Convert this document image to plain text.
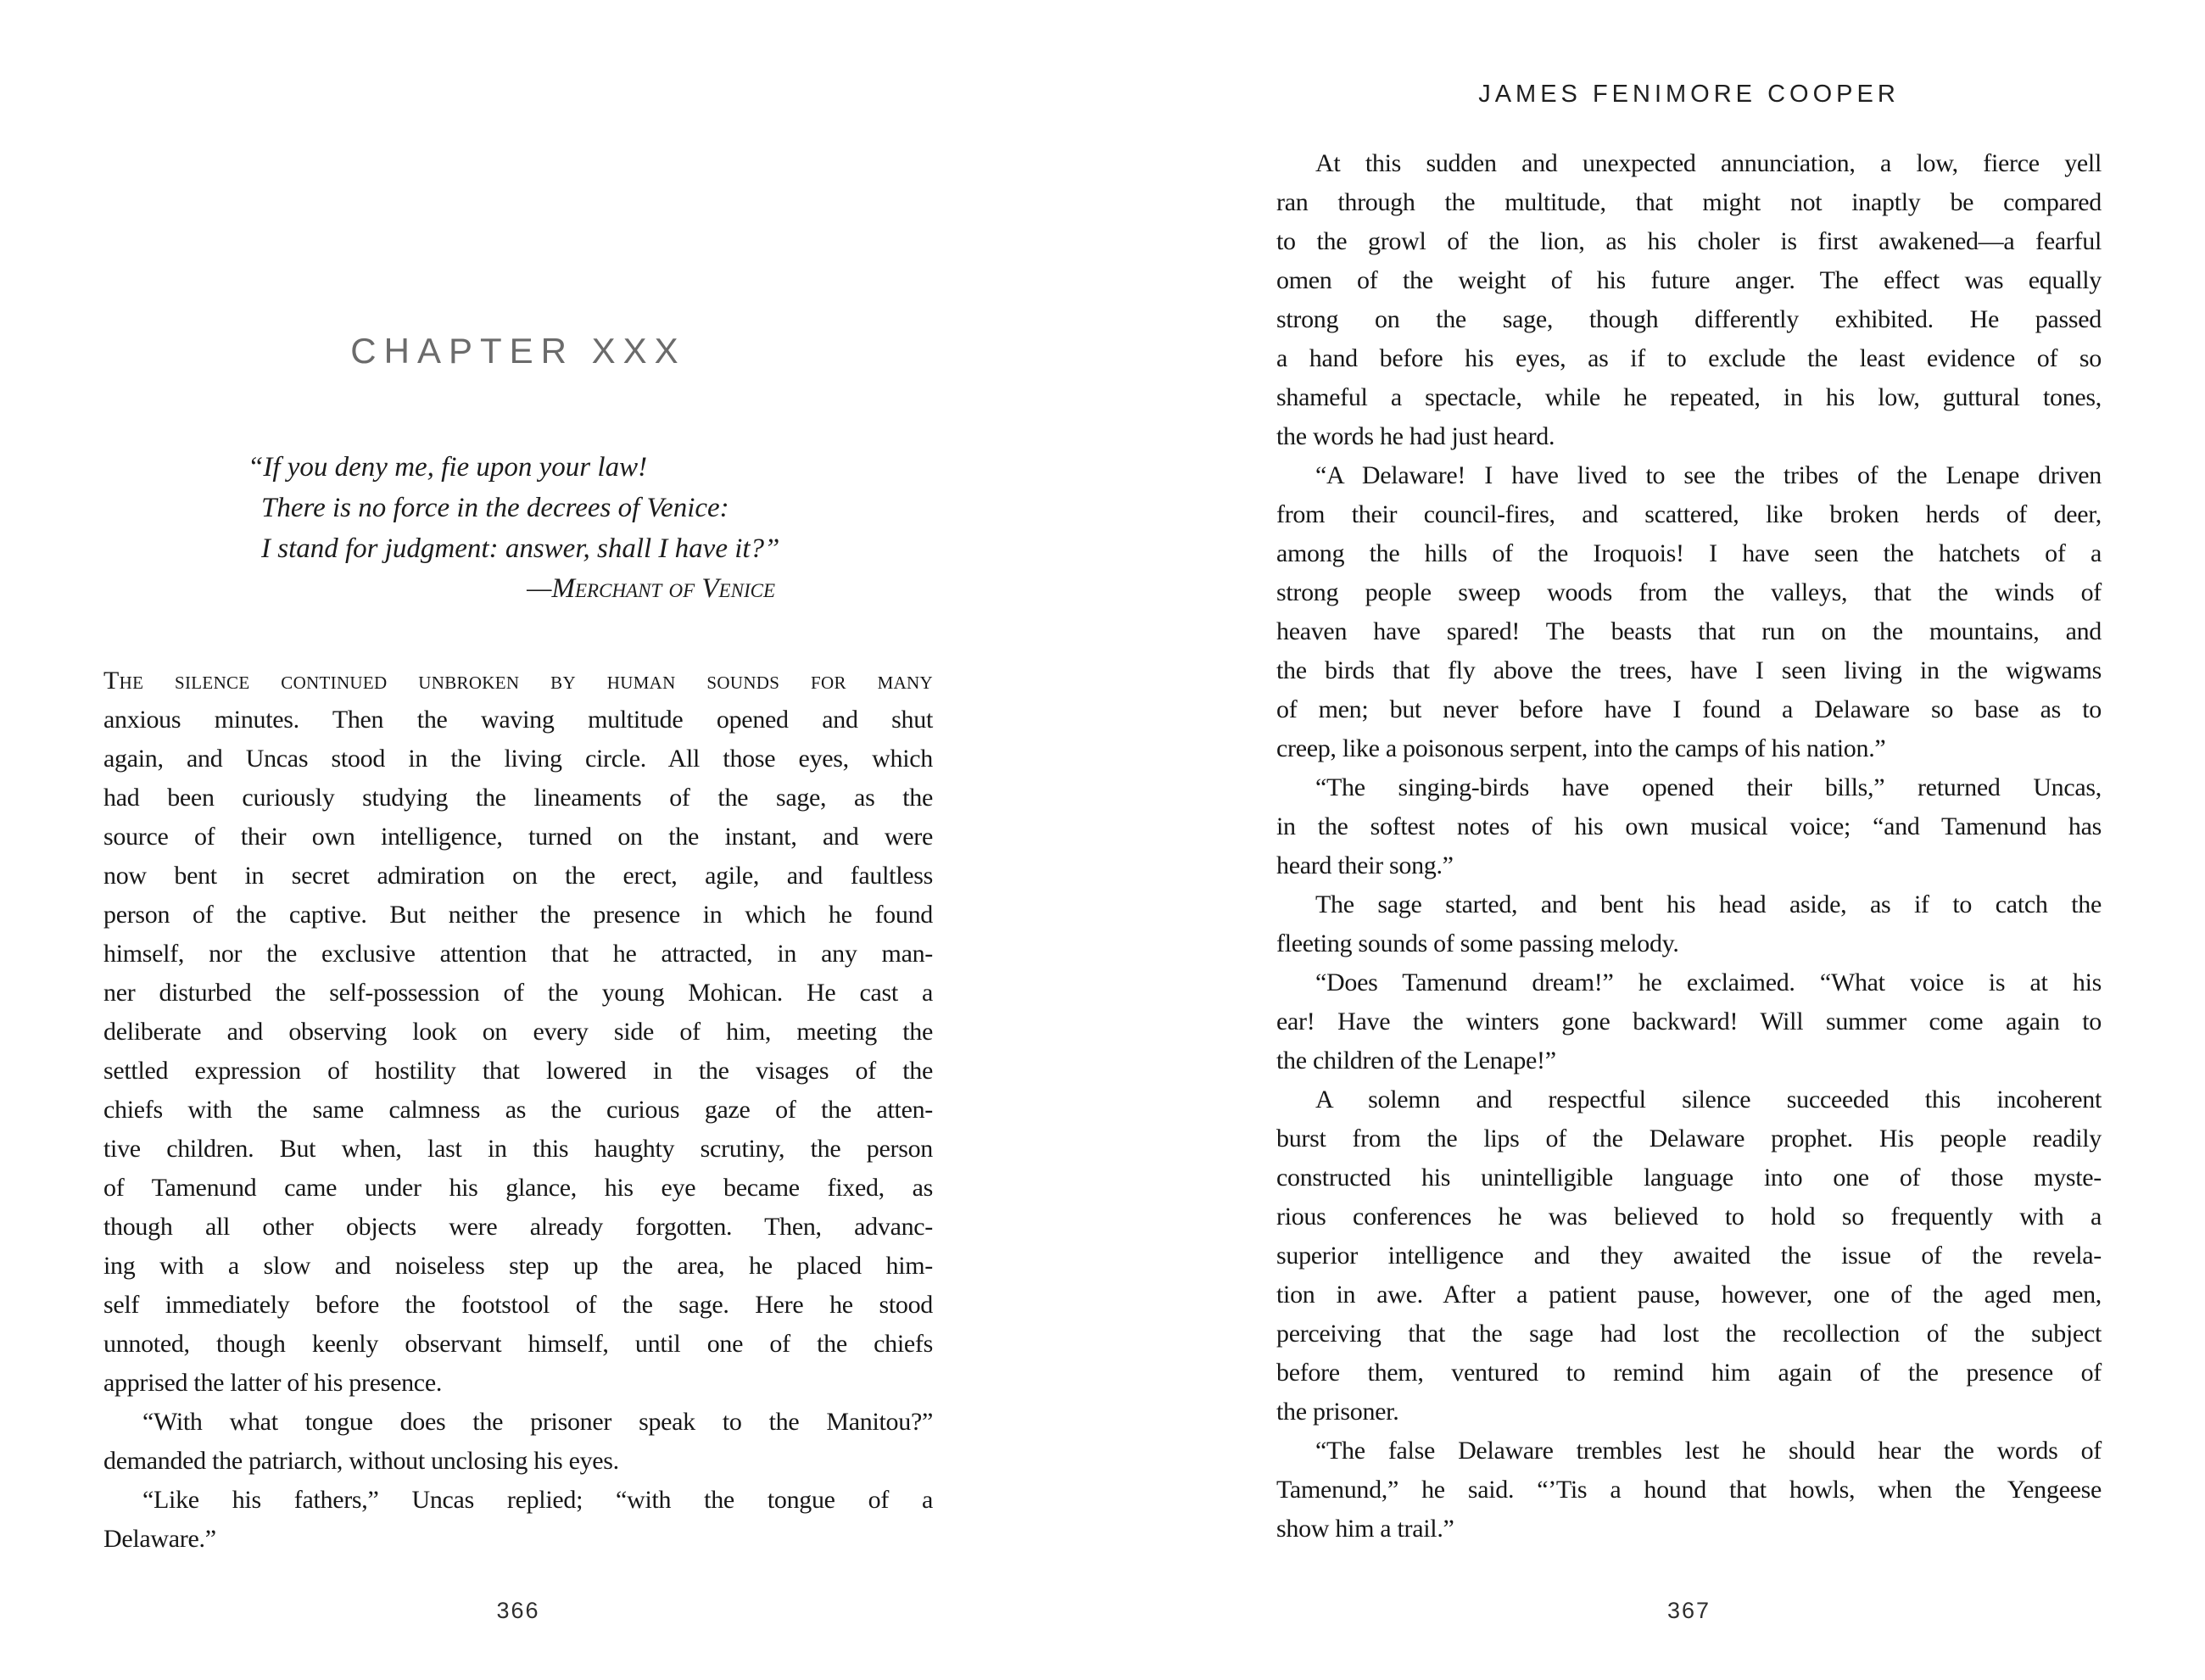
CHAPTER XXX
“If you deny me, fie upon your law!
There is no force in the decrees of Venice:
I stand for judgment: answer, shall I have it?”
—Merchant of Venice
The silence continued unbroken by human sounds for many
anxious minutes. Then the waving multitude opened and shut
again, and Uncas stood in the living circle. All those eyes, which
had been curiously studying the lineaments of the sage, as the
source of their own intelligence, turned on the instant, and were
now bent in secret admiration on the erect, agile, and faultless
person of the captive. But neither the presence in which he found
himself, nor the exclusive attention that he attracted, in any man-
ner disturbed the self-possession of the young Mohican. He cast a
deliberate and observing look on every side of him, meeting the
settled expression of hostility that lowered in the visages of the
chiefs with the same calmness as the curious gaze of the atten-
tive children. But when, last in this haughty scrutiny, the person
of Tamenund came under his glance, his eye became fixed, as
though all other objects were already forgotten. Then, advanc-
ing with a slow and noiseless step up the area, he placed him-
self immediately before the footstool of the sage. Here he stood
unnoted, though keenly observant himself, until one of the chiefs
apprised the latter of his presence.
“With what tongue does the prisoner speak to the Manitou?”
demanded the patriarch, without unclosing his eyes.
“Like his fathers,” Uncas replied; “with the tongue of a
Delaware.”
366
JAMES FENIMORE COOPER
At this sudden and unexpected annunciation, a low, fierce yell
ran through the multitude, that might not inaptly be compared
to the growl of the lion, as his choler is first awakened—a fearful
omen of the weight of his future anger. The effect was equally
strong on the sage, though differently exhibited. He passed
a hand before his eyes, as if to exclude the least evidence of so
shameful a spectacle, while he repeated, in his low, guttural tones,
the words he had just heard.
“A Delaware! I have lived to see the tribes of the Lenape driven
from their council-fires, and scattered, like broken herds of deer,
among the hills of the Iroquois! I have seen the hatchets of a
strong people sweep woods from the valleys, that the winds of
heaven have spared! The beasts that run on the mountains, and
the birds that fly above the trees, have I seen living in the wigwams
of men; but never before have I found a Delaware so base as to
creep, like a poisonous serpent, into the camps of his nation.”
“The singing-birds have opened their bills,” returned Uncas,
in the softest notes of his own musical voice; “and Tamenund has
heard their song.”
The sage started, and bent his head aside, as if to catch the
fleeting sounds of some passing melody.
“Does Tamenund dream!” he exclaimed. “What voice is at his
ear! Have the winters gone backward! Will summer come again to
the children of the Lenape!”
A solemn and respectful silence succeeded this incoherent
burst from the lips of the Delaware prophet. His people readily
constructed his unintelligible language into one of those myste-
rious conferences he was believed to hold so frequently with a
superior intelligence and they awaited the issue of the revela-
tion in awe. After a patient pause, however, one of the aged men,
perceiving that the sage had lost the recollection of the subject
before them, ventured to remind him again of the presence of
the prisoner.
“The false Delaware trembles lest he should hear the words of
Tamenund,” he said. “’Tis a hound that howls, when the Yengeese
show him a trail.”
367
